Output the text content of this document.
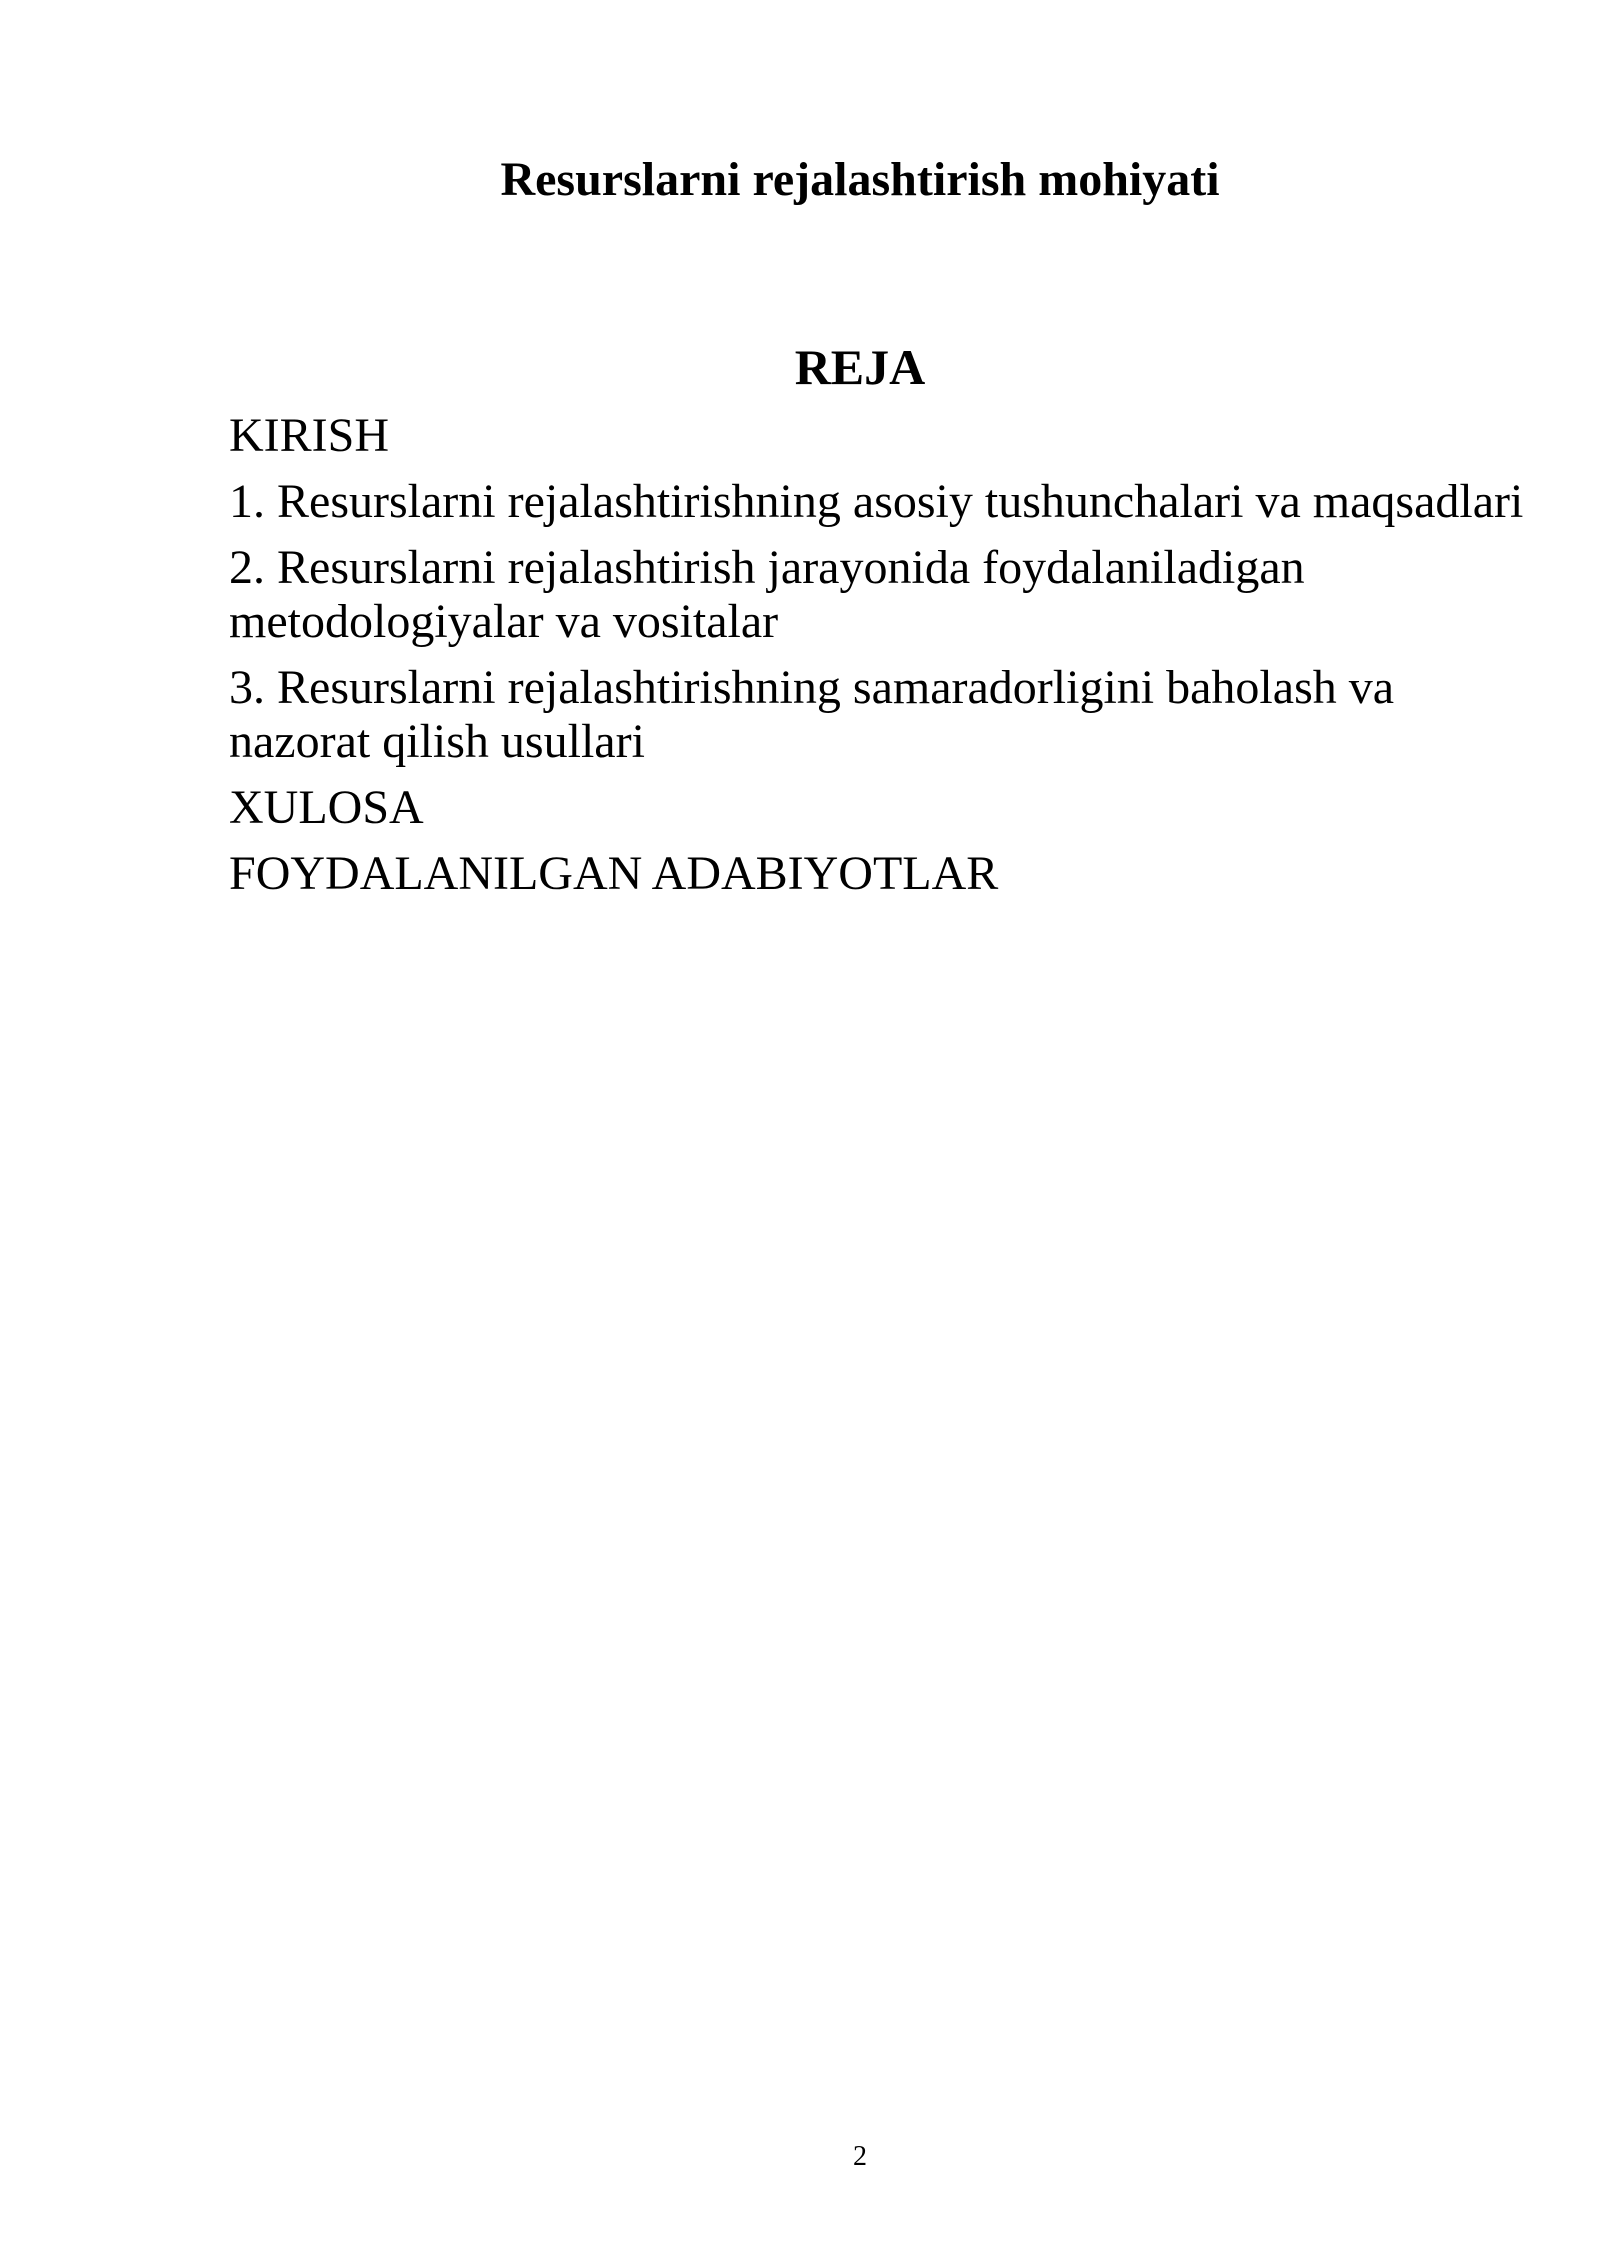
Resurslarni rejalashtirish mohiyati
REJA
KIRISH
1. Resurslarni rejalashtirishning asosiy tushunchalari va maqsadlari
2. Resurslarni rejalashtirish jarayonida foydalaniladigan metodologiyalar va vositalar
3. Resurslarni rejalashtirishning samaradorligini baholash va nazorat qilish usullari
XULOSA
FOYDALANILGAN ADABIYOTLAR
2
